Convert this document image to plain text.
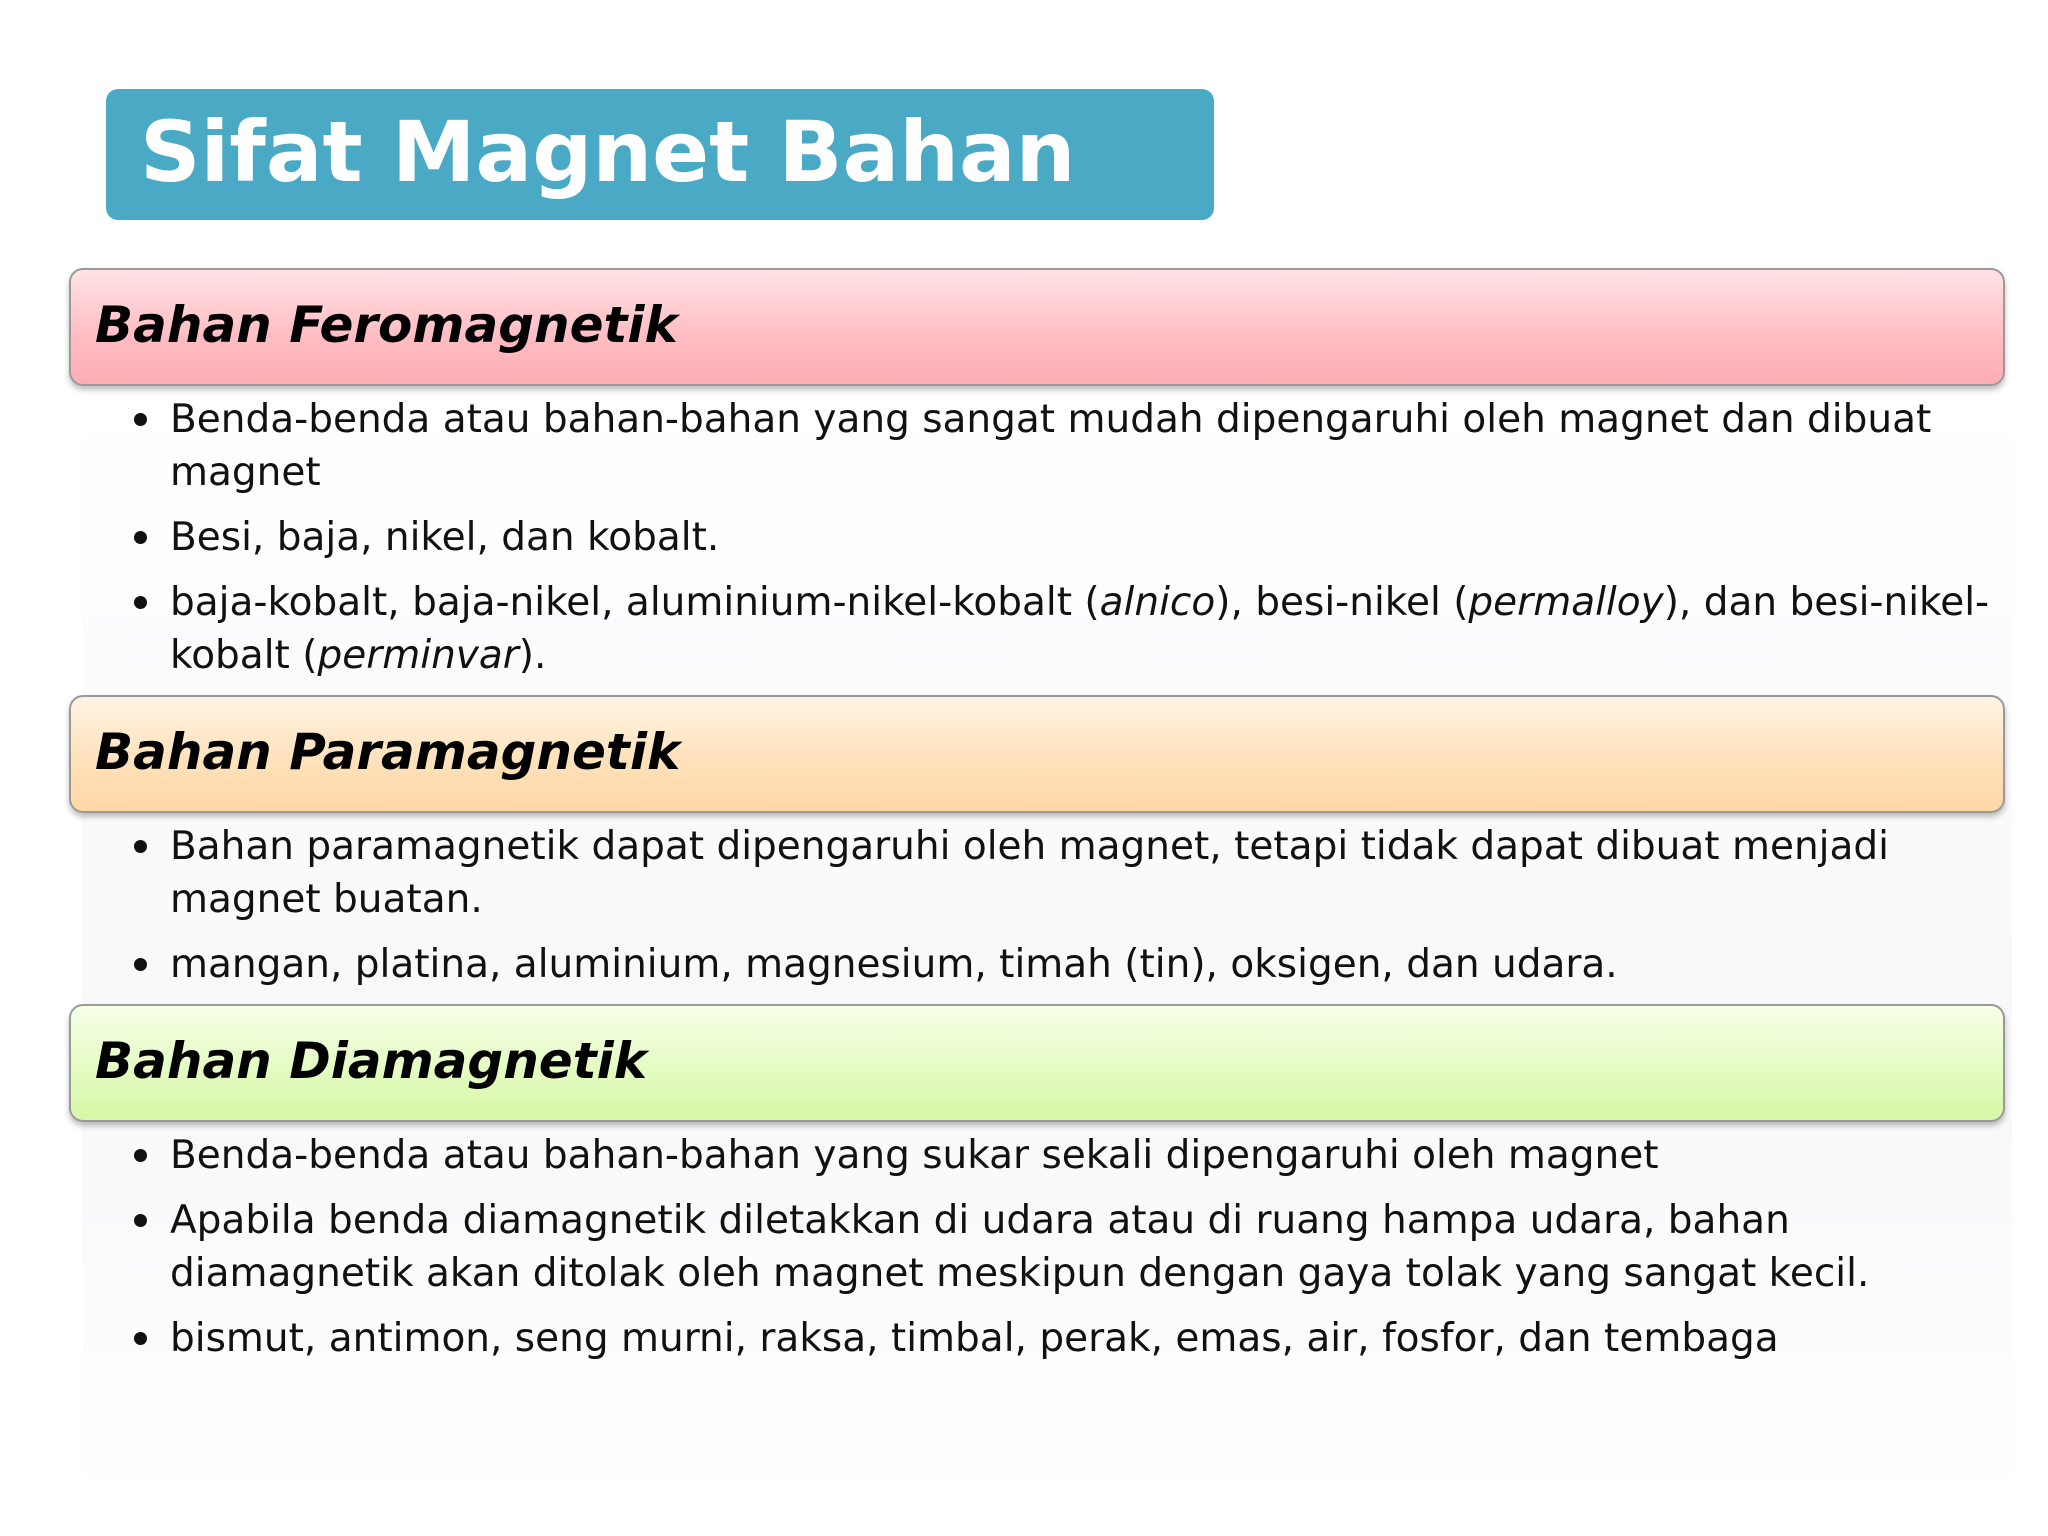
Sifat Magnet Bahan
Bahan Feromagnetik
Benda-benda atau bahan-bahan yang sangat mudah dipengaruhi oleh magnet dan dibuat magnet
Besi, baja, nikel, dan kobalt.
baja-kobalt, baja-nikel, aluminium-nikel-kobalt (alnico), besi-nikel (permalloy), dan besi-nikel-kobalt (perminvar).
Bahan Paramagnetik
Bahan paramagnetik dapat dipengaruhi oleh magnet, tetapi tidak dapat dibuat menjadi magnet buatan.
mangan, platina, aluminium, magnesium, timah (tin), oksigen, dan udara.
Bahan Diamagnetik
Benda-benda atau bahan-bahan yang sukar sekali dipengaruhi oleh magnet
Apabila benda diamagnetik diletakkan di udara atau di ruang hampa udara, bahan diamagnetik akan ditolak oleh magnet meskipun dengan gaya tolak yang sangat kecil.
bismut, antimon, seng murni, raksa, timbal, perak, emas, air, fosfor, dan tembaga
